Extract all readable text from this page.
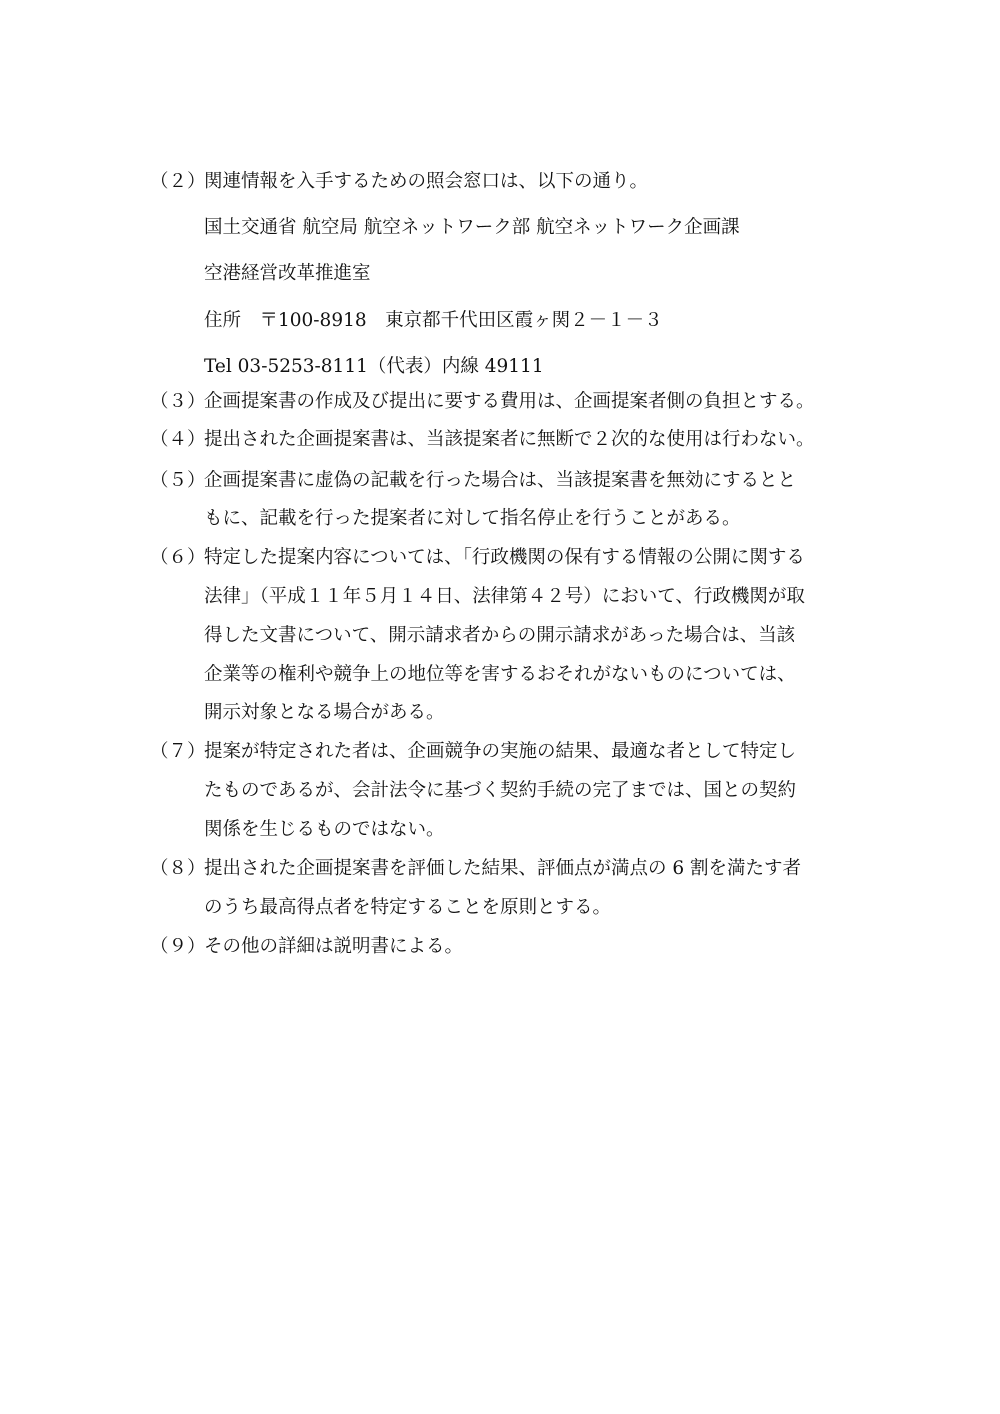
（２）
関連情報を入手するための照会窓口は、以下の通り。
国土交通省 航空局 航空ネットワーク部 航空ネットワーク企画課
空港経営改革推進室
住所　〒100-8918　東京都千代田区霞ヶ関２－１－３
Tel 03-5253-8111（代表）内線 49111
（３）
企画提案書の作成及び提出に要する費用は、企画提案者側の負担とする。
（４）
提出された企画提案書は、当該提案者に無断で２次的な使用は行わない。
（５）
企画提案書に虚偽の記載を行った場合は、当該提案書を無効にするとと
もに、記載を行った提案者に対して指名停止を行うことがある。
（６）
特定した提案内容については、「行政機関の保有する情報の公開に関する
法律」（平成１１年５月１４日、法律第４２号）において、行政機関が取
得した文書について、開示請求者からの開示請求があった場合は、当該
企業等の権利や競争上の地位等を害するおそれがないものについては、
開示対象となる場合がある。
（７）
提案が特定された者は、企画競争の実施の結果、最適な者として特定し
たものであるが、会計法令に基づく契約手続の完了までは、国との契約
関係を生じるものではない。
（８）
提出された企画提案書を評価した結果、評価点が満点の 6 割を満たす者
のうち最高得点者を特定することを原則とする。
（９）
その他の詳細は説明書による。
